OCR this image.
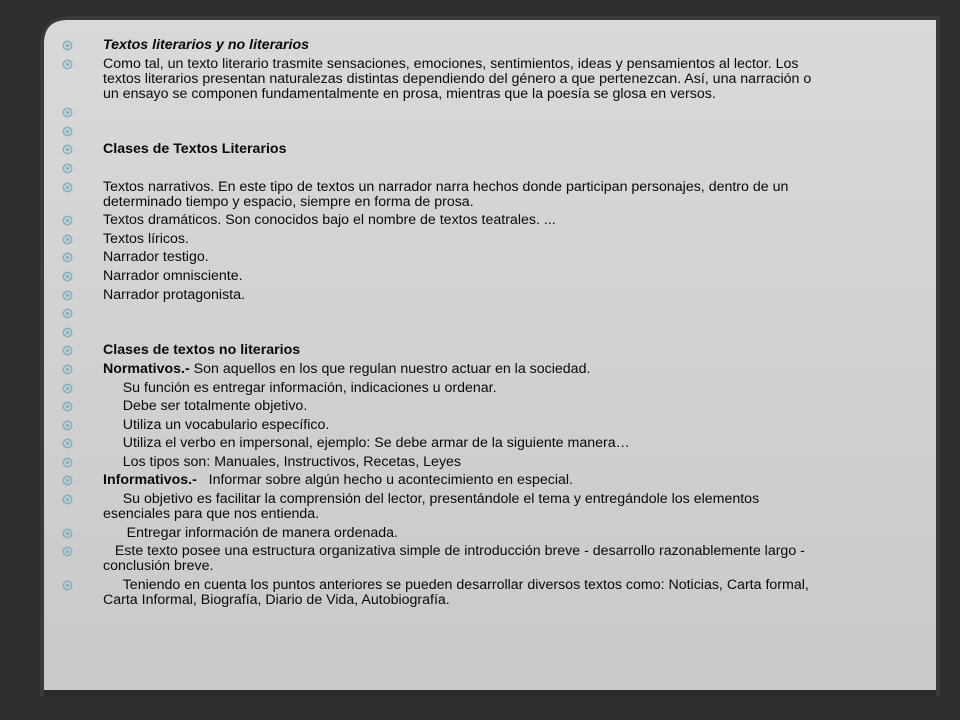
Textos literarios y no literarios
Como tal, un texto literario trasmite sensaciones, emociones, sentimientos, ideas y pensamientos al lector. Los textos literarios presentan naturalezas distintas dependiendo del género a que pertenezcan. Así, una narración o un ensayo se componen fundamentalmente en prosa, mientras que la poesía se glosa en versos.
Clases de Textos Literarios
Textos narrativos. En este tipo de textos un narrador narra hechos donde participan personajes, dentro de un determinado tiempo y espacio, siempre en forma de prosa.
Textos dramáticos. Son conocidos bajo el nombre de textos teatrales. ...
Textos líricos.
Narrador testigo.
Narrador omnisciente.
Narrador protagonista.
Clases de textos no literarios
Normativos.- Son aquellos en los que regulan nuestro actuar en la sociedad.
Su función es entregar información, indicaciones u ordenar.
Debe ser totalmente objetivo.
Utiliza un vocabulario específico.
Utiliza el verbo en impersonal, ejemplo: Se debe armar de la siguiente manera…
Los tipos son: Manuales, Instructivos, Recetas, Leyes
Informativos.-   Informar sobre algún hecho u acontecimiento en especial.
Su objetivo es facilitar la comprensión del lector, presentándole el tema y entregándole los elementos esenciales para que nos entienda.
Entregar información de manera ordenada.
Este texto posee una estructura organizativa simple de introducción breve - desarrollo razonablemente largo - conclusión breve.
Teniendo en cuenta los puntos anteriores se pueden desarrollar diversos textos como: Noticias, Carta formal, Carta Informal, Biografía, Diario de Vida, Autobiografía.
